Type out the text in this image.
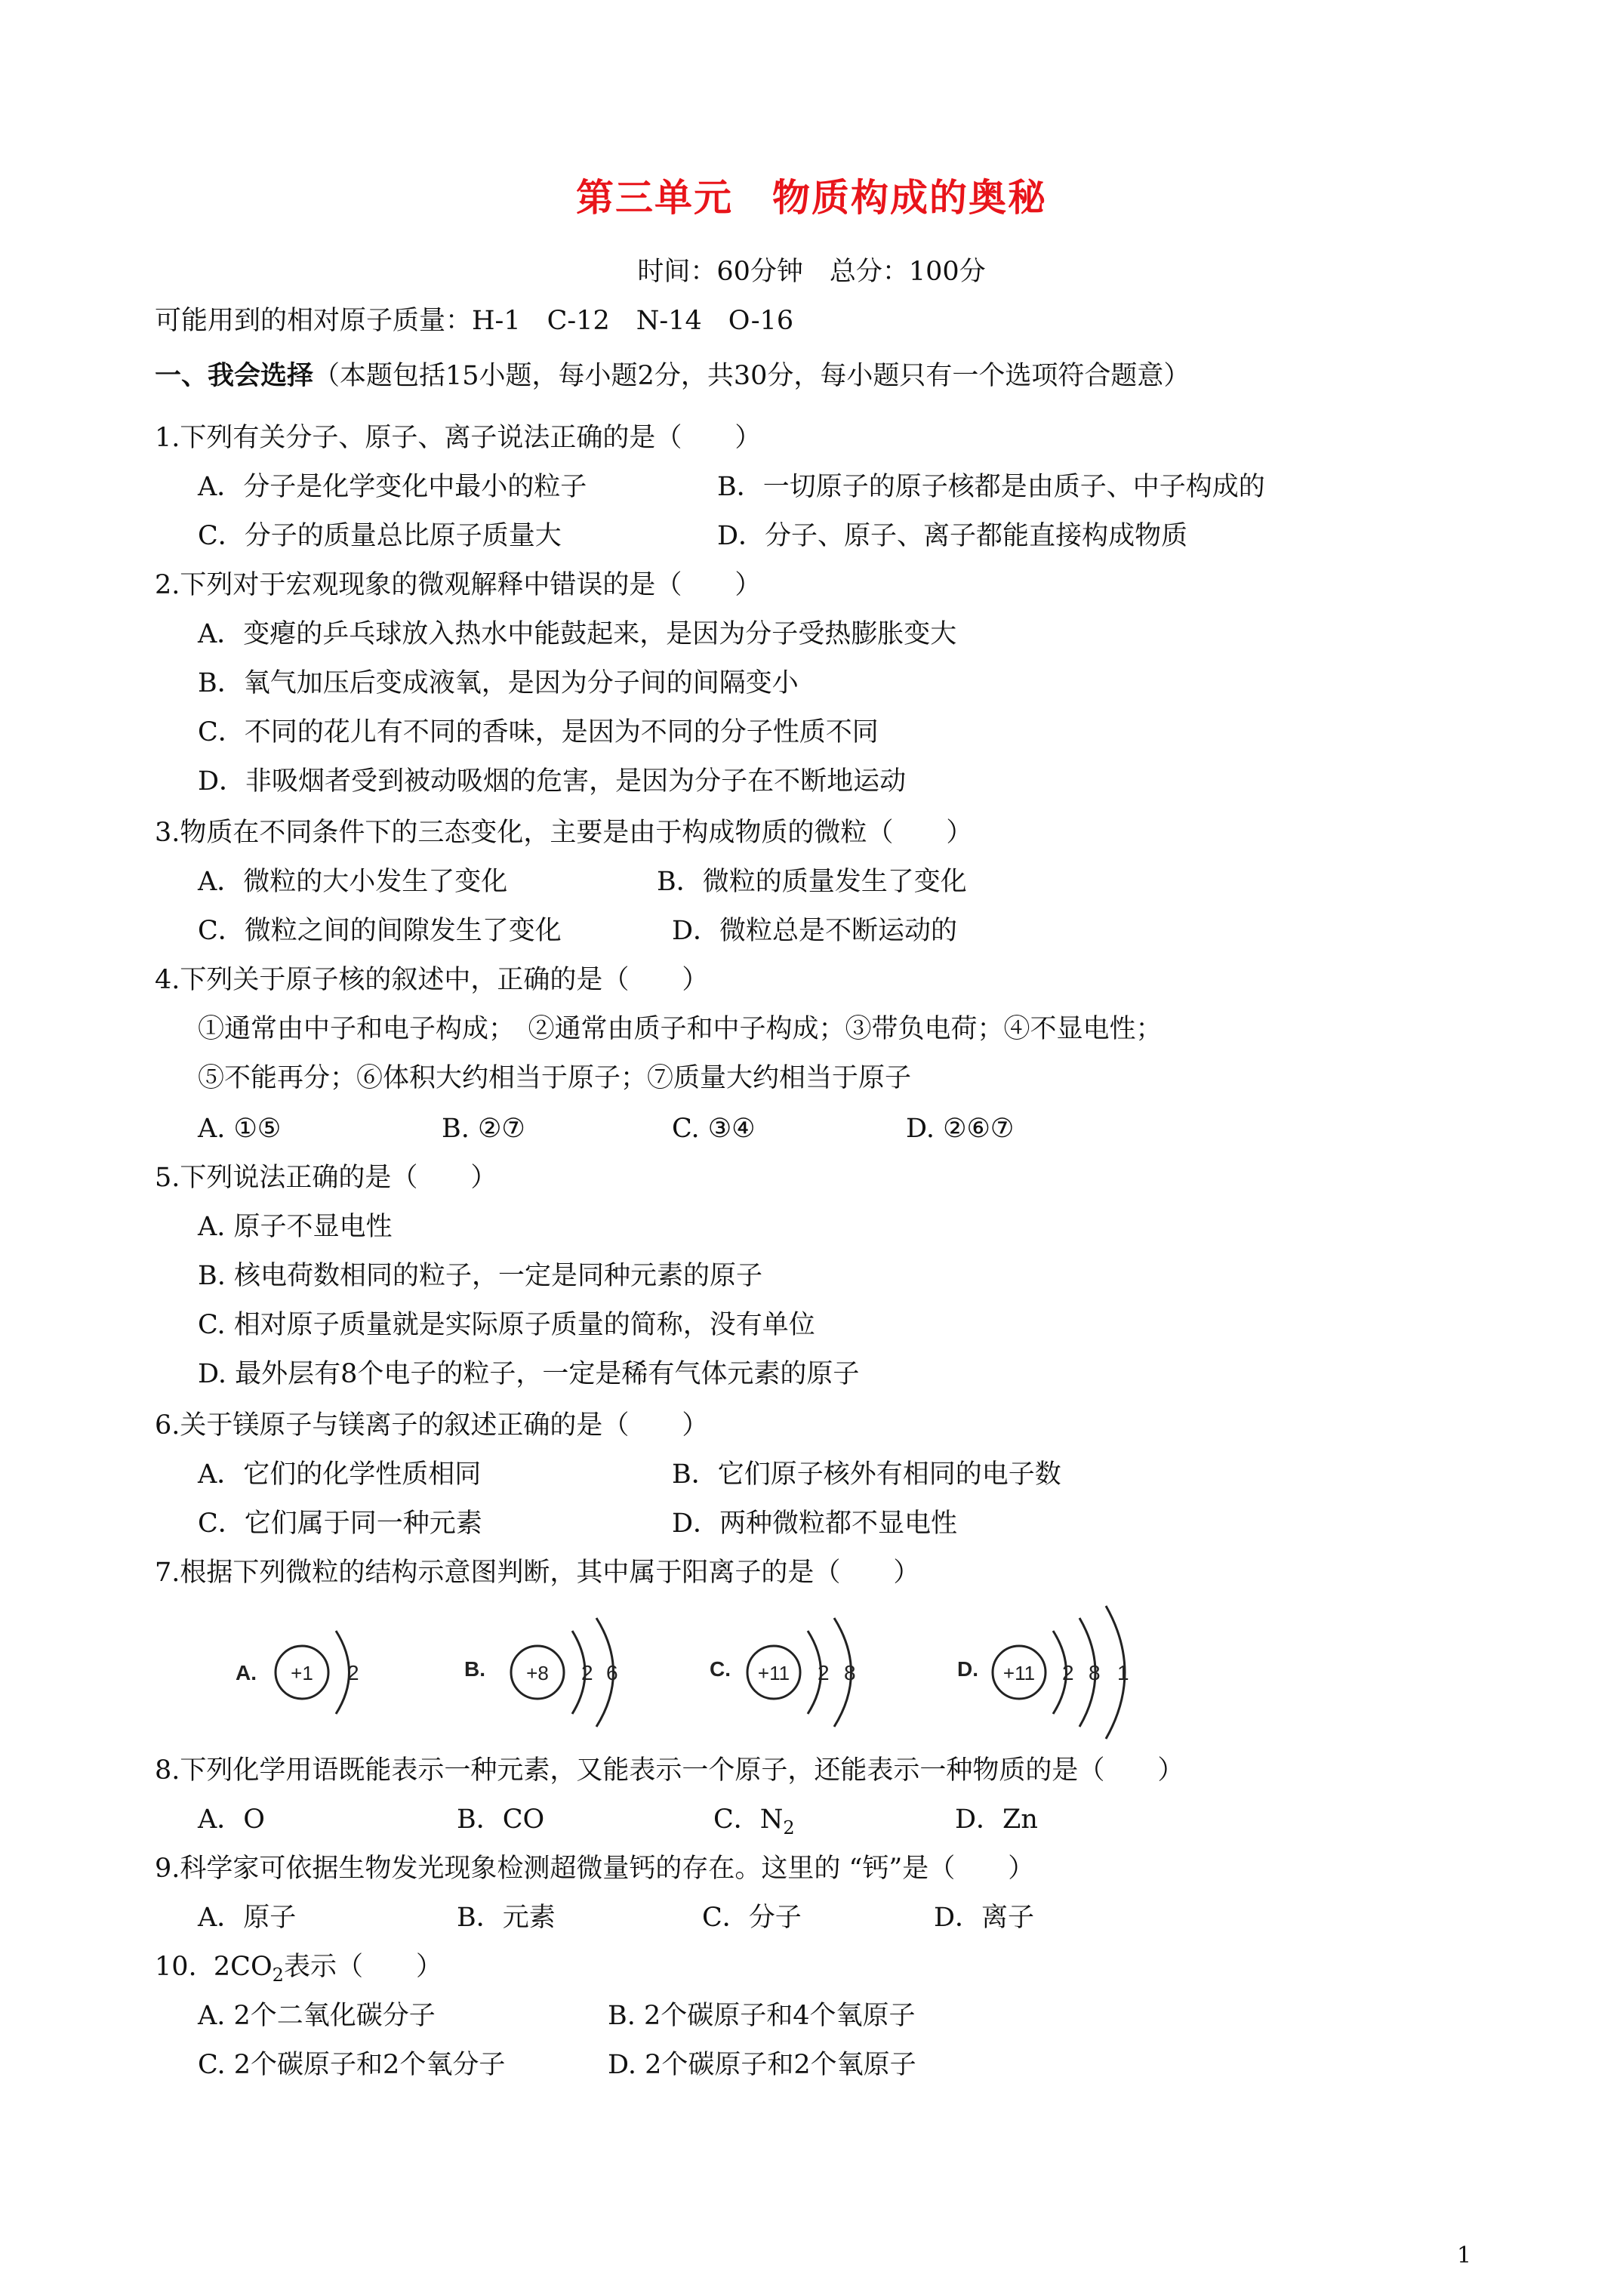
第三单元　物质构成的奥秘
时间：60分钟　总分：100分
可能用到的相对原子质量：H-1　C-12　N-14　O-16
一、我会选择（本题包括15小题，每小题2分，共30分，每小题只有一个选项符合题意）
1.下列有关分子、原子、离子说法正确的是（　　）
A．分子是化学变化中最小的粒子	B．一切原子的原子核都是由质子、中子构成的
C．分子的质量总比原子质量大	D．分子、原子、离子都能直接构成物质
2.下列对于宏观现象的微观解释中错误的是（　　）
A．变瘪的乒乓球放入热水中能鼓起来，是因为分子受热膨胀变大
B．氧气加压后变成液氧，是因为分子间的间隔变小
C．不同的花儿有不同的香味，是因为不同的分子性质不同
D．非吸烟者受到被动吸烟的危害，是因为分子在不断地运动
3.物质在不同条件下的三态变化，主要是由于构成物质的微粒（　　）
A．微粒的大小发生了变化	B．微粒的质量发生了变化
C．微粒之间的间隙发生了变化	D．微粒总是不断运动的
4.下列关于原子核的叙述中，正确的是（　　）
①通常由中子和电子构成；　②通常由质子和中子构成；③带负电荷；④不显电性；
⑤不能再分；⑥体积大约相当于原子；⑦质量大约相当于原子
A. ①⑤	B. ②⑦	C. ③④	D. ②⑥⑦
5.下列说法正确的是（　　）
A. 原子不显电性
B. 核电荷数相同的粒子，一定是同种元素的原子
C. 相对原子质量就是实际原子质量的简称，没有单位
D. 最外层有8个电子的粒子，一定是稀有气体元素的原子
6.关于镁原子与镁离子的叙述正确的是（　　）
A．它们的化学性质相同	B．它们原子核外有相同的电子数
C．它们属于同一种元素	D．两种微粒都不显电性
7.根据下列微粒的结构示意图判断，其中属于阳离子的是（　　）
A. +1 2	B. +8 2 6	C. +11 2 8	D. +11 2 8 1
8.下列化学用语既能表示一种元素，又能表示一个原子，还能表示一种物质的是（　　）
A．O	B．CO	C．$N_2$	D．Zn
9.科学家可依据生物发光现象检测超微量钙的存在。这里的 “钙”是（　　）
A．原子	B．元素	C．分子	D．离子
10.  $2CO_2$表示（　　）
A. 2个二氧化碳分子	B. 2个碳原子和4个氧原子
C. 2个碳原子和2个氧分子	D. 2个碳原子和2个氧原子
1
